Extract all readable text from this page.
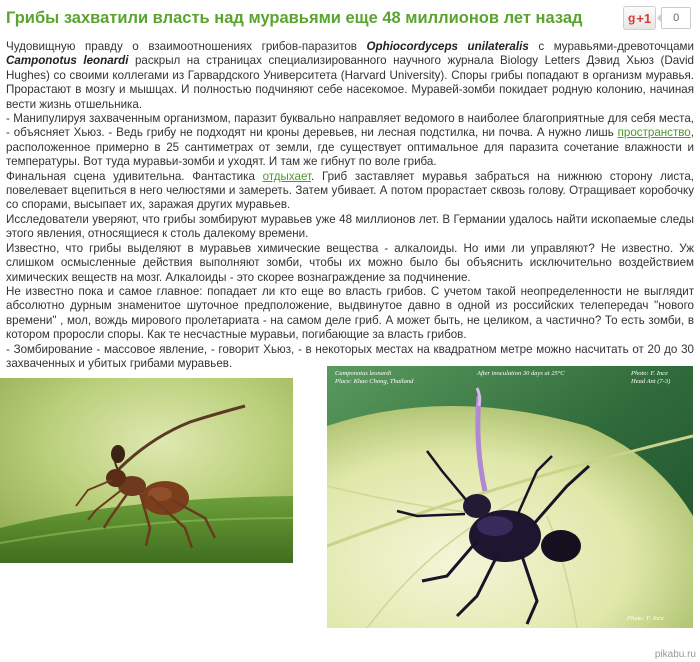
Грибы захватили власть над муравьями еще 48 миллионов лет назад	g +1	0

Чудовищную правду о взаимоотношениях грибов-паразитов Ophiocordyceps unilateralis с муравьями-древоточцами Camponotus leonardi раскрыл на страницах специализированного научного журнала Biology Letters Дэвид Хьюз (David Hughes) со своими коллегами из Гарвардского Университета (Harvard University). Споры грибы попадают в организм муравья. Прорастают в мозгу и мышцах. И полностью подчиняют себе насекомое. Муравей-зомби покидает родную колонию, начиная вести жизнь отшельника.

- Манипулируя захваченным организмом, паразит буквально направляет ведомого в наиболее благоприятные для себя места, - объясняет Хьюз. - Ведь грибу не подходят ни кроны деревьев, ни лесная подстилка, ни почва. А нужно лишь пространство, расположенное примерно в 25 сантиметрах от земли, где существует оптимальное для паразита сочетание влажности и температуры. Вот туда муравьи-зомби и уходят. И там же гибнут по воле гриба.

Финальная сцена удивительна. Фантастика отдыхает. Гриб заставляет муравья забраться на нижнюю сторону листа, повелевает вцепиться в него челюстями и замереть. Затем убивает. А потом прорастает сквозь голову. Отращивает коробочку со спорами, высыпает их, заражая других муравьев.

Исследователи уверяют, что грибы зомбируют муравьев уже 48 миллионов лет. В Германии удалось найти ископаемые следы этого явления, относящиеся к столь далекому времени.

Известно, что грибы выделяют в муравьев химические вещества - алкалоиды. Но ими ли управляют? Не известно. Уж слишком осмысленные действия выполняют зомби, чтобы их можно было бы объяснить исключительно воздействием химических веществ на мозг. Алкалоиды - это скорее вознаграждение за подчинение.

Не известно пока и самое главное: попадает ли кто еще во власть грибов. С учетом такой неопределенности не выглядит абсолютно дурным знаменитое шуточное предположение, выдвинутое давно в одной из российских телепередач "нового времени" , мол, вождь мирового пролетариата - на самом деле гриб. А может быть, не целиком, а частично? То есть зомби, в котором проросли споры. Как те несчастные муравьи, погибающие за власть грибов.

- Зомбирование - массовое явление, - говорит Хьюз, - в некоторых местах на квадратном метре можно насчитать от 20 до 30 захваченных и убитых грибами муравьев.

Camponotus leonardi
Place: Khao Chong, Thailand
After inoculation 30 days at 25°C	Photo: F. Ince
Head Ant (7-3)
Photo: F. Ince
pikabu.ru
